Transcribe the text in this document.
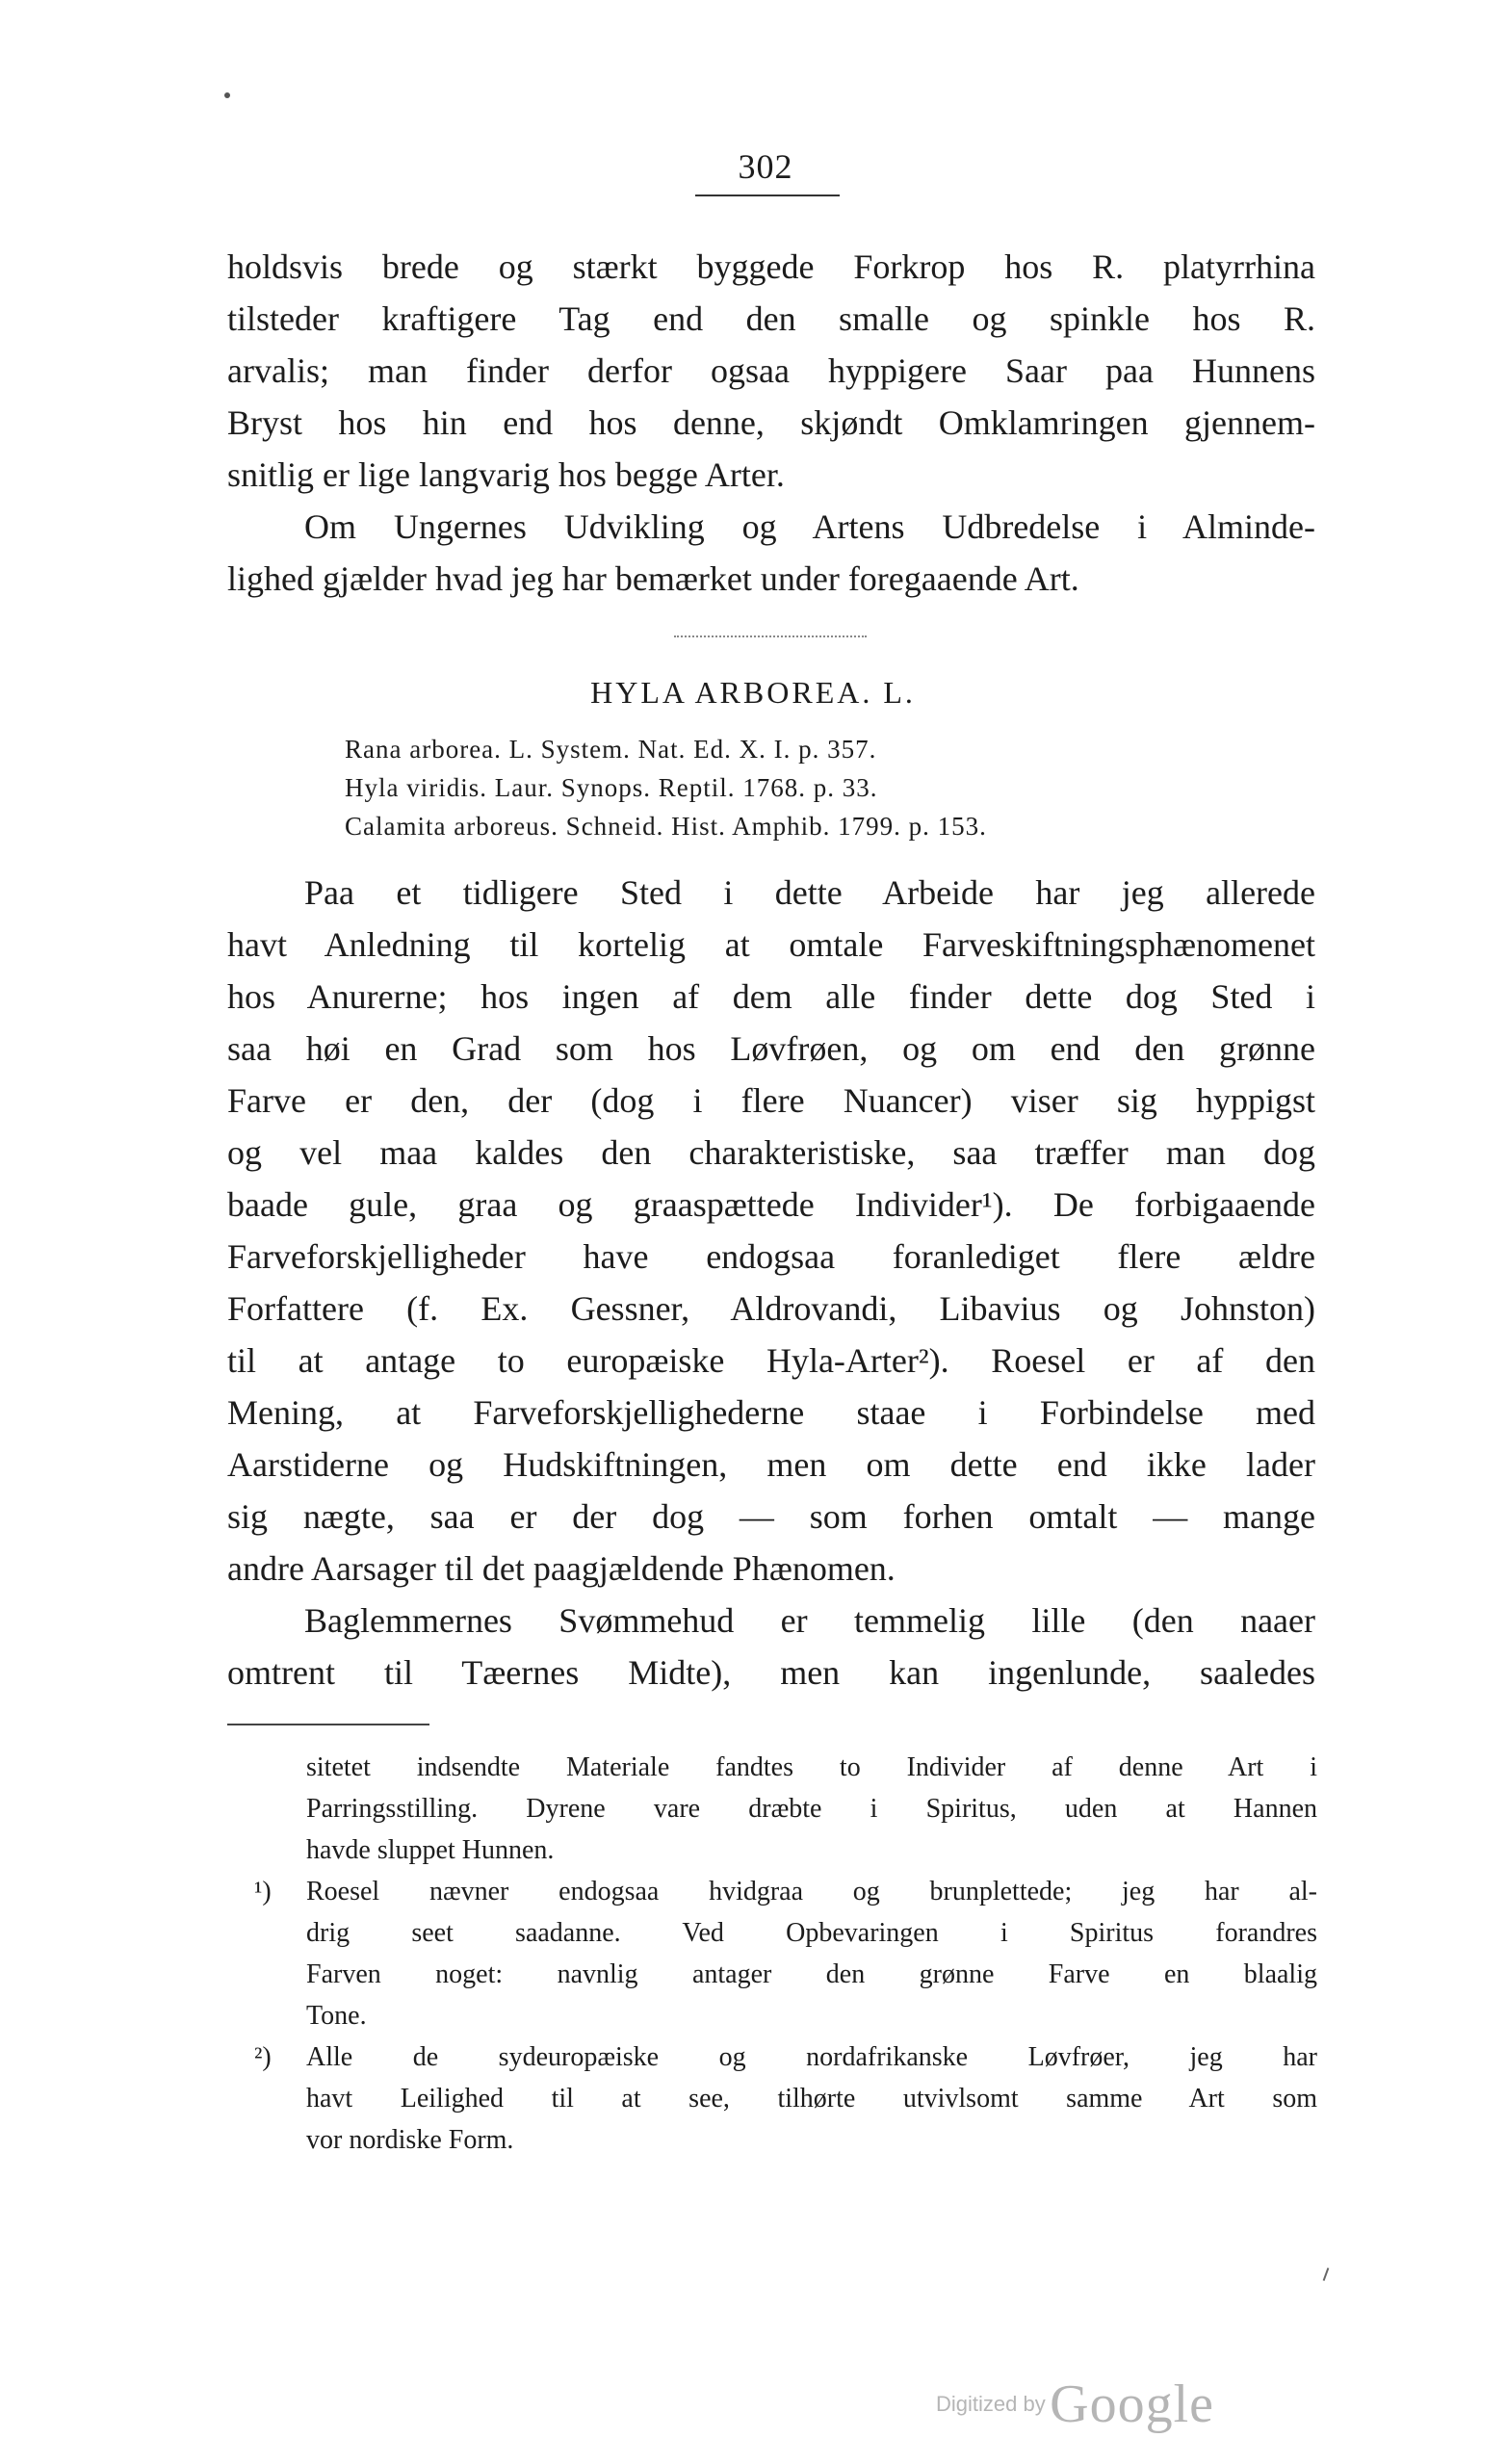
302
holdsvis brede og stærkt byggede Forkrop hos R. platyrrhina
tilsteder kraftigere Tag end den smalle og spinkle hos R.
arvalis; man finder derfor ogsaa hyppigere Saar paa Hunnens
Bryst hos hin end hos denne, skjøndt Omklamringen gjennem-
snitlig er lige langvarig hos begge Arter.
Om Ungernes Udvikling og Artens Udbredelse i Alminde-
lighed gjælder hvad jeg har bemærket under foregaaende Art.
HYLA ARBOREA. L.
Rana arborea. L. System. Nat. Ed. X. I. p. 357.
Hyla viridis. Laur. Synops. Reptil. 1768. p. 33.
Calamita arboreus. Schneid. Hist. Amphib. 1799. p. 153.
Paa et tidligere Sted i dette Arbeide har jeg allerede
havt Anledning til kortelig at omtale Farveskiftningsphænomenet
hos Anurerne; hos ingen af dem alle finder dette dog Sted i
saa høi en Grad som hos Løvfrøen, og om end den grønne
Farve er den, der (dog i flere Nuancer) viser sig hyppigst
og vel maa kaldes den charakteristiske, saa træffer man dog
baade gule, graa og graaspættede Individer¹). De forbigaaende
Farveforskjelligheder have endogsaa foranlediget flere ældre
Forfattere (f. Ex. Gessner, Aldrovandi, Libavius og Johnston)
til at antage to europæiske Hyla-Arter²). Roesel er af den
Mening, at Farveforskjellighederne staae i Forbindelse med
Aarstiderne og Hudskiftningen, men om dette end ikke lader
sig nægte, saa er der dog — som forhen omtalt — mange
andre Aarsager til det paagjældende Phænomen.
Baglemmernes Svømmehud er temmelig lille (den naaer
omtrent til Tæernes Midte), men kan ingenlunde, saaledes
sitetet indsendte Materiale fandtes to Individer af denne Art i
Parringsstilling. Dyrene vare dræbte i Spiritus, uden at Hannen
havde sluppet Hunnen.
¹) Roesel nævner endogsaa hvidgraa og brunplettede; jeg har al-
drig seet saadanne. Ved Opbevaringen i Spiritus forandres
Farven noget: navnlig antager den grønne Farve en blaalig
Tone.
²) Alle de sydeuropæiske og nordafrikanske Løvfrøer, jeg har
havt Leilighed til at see, tilhørte utvivlsomt samme Art som
vor nordiske Form.
Digitized by Google
